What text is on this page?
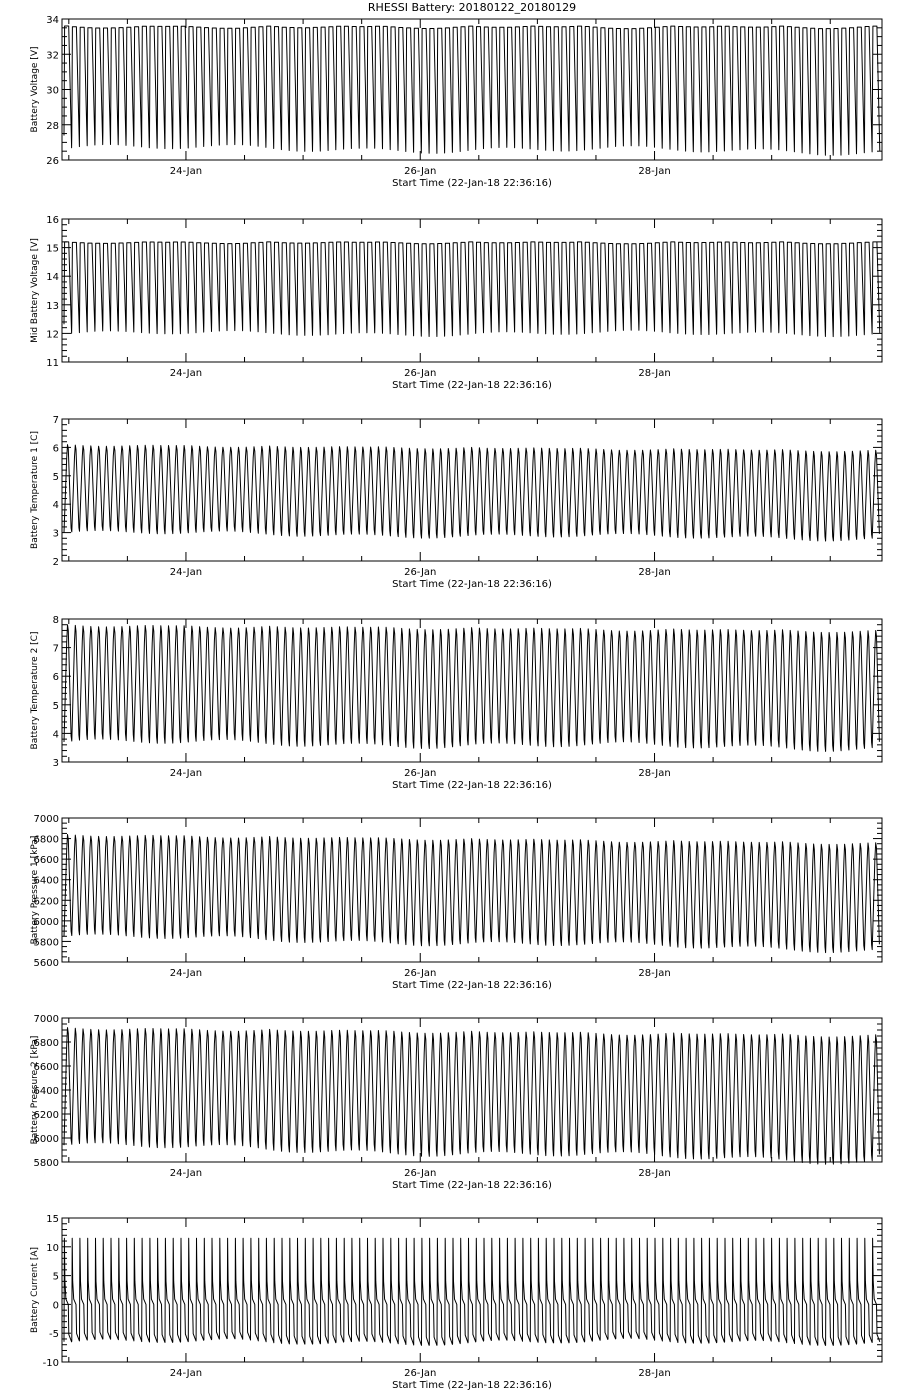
RHESSI Battery: 20180122_20180129
26
28
30
32
34
24-Jan	26-Jan	28-Jan
Start Time (22-Jan-18 22:36:16)
Battery Voltage [V]
11
12
13
14
15
16
24-Jan	26-Jan	28-Jan
Start Time (22-Jan-18 22:36:16)
Mid Battery Voltage [V]
2
3
4
5
6
7
24-Jan	26-Jan	28-Jan
Start Time (22-Jan-18 22:36:16)
Battery Temperature 1 [C]
3
4
5
6
7
8
24-Jan	26-Jan	28-Jan
Start Time (22-Jan-18 22:36:16)
Battery Temperature 2 [C]
5600
5800
6000
6200
6400
6600
6800
7000
24-Jan	26-Jan	28-Jan
Start Time (22-Jan-18 22:36:16)
Battery Pressure 1 [kPa]
5800
6000
6200
6400
6600
6800
7000
24-Jan	26-Jan	28-Jan
Start Time (22-Jan-18 22:36:16)
Battery Pressure 2 [kPa]
-10
-5
0
5
10
15
24-Jan	26-Jan	28-Jan
Start Time (22-Jan-18 22:36:16)
Battery Current [A]
